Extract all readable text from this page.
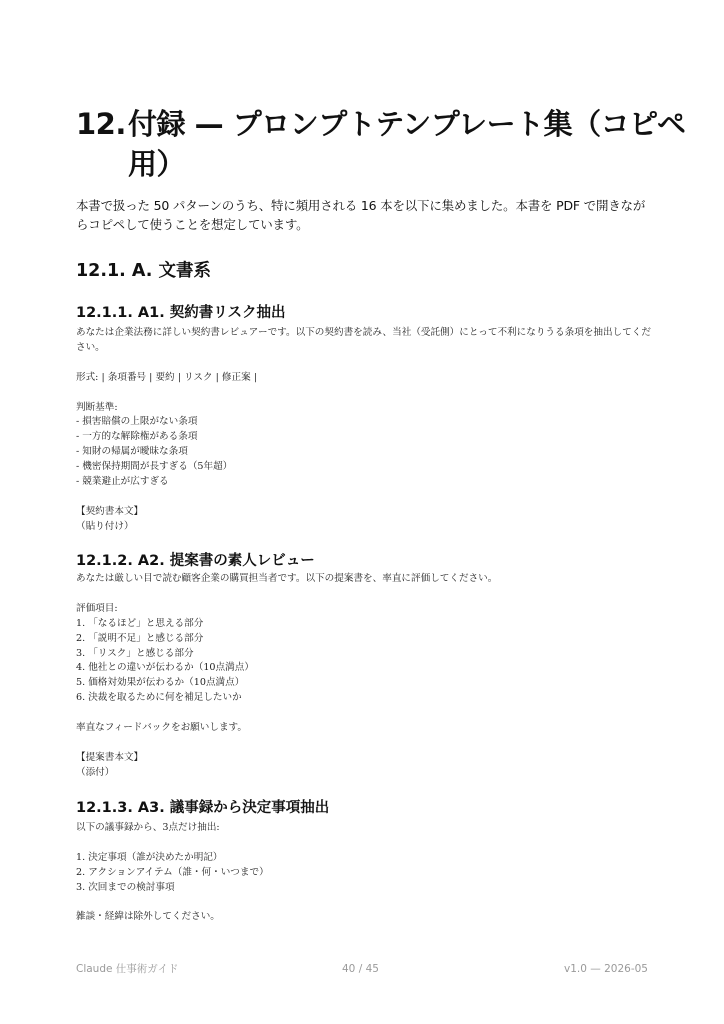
12.付録 — プロンプトテンプレート集（コピペ
用）
本書で扱った 50 パターンのうち、特に頻用される 16 本を以下に集めました。本書を PDF で開きながらコピペして使うことを想定しています。
12.1. A. 文書系
12.1.1. A1. 契約書リスク抽出
あなたは企業法務に詳しい契約書レビュアーです。以下の契約書を読み、当社（受託側）にとって不利になりうる条項を抽出してください。
形式: | 条項番号 | 要約 | リスク | 修正案 |
判断基準:
- 損害賠償の上限がない条項
- 一方的な解除権がある条項
- 知財の帰属が曖昧な条項
- 機密保持期間が長すぎる（5年超）
- 競業避止が広すぎる
【契約書本文】
（貼り付け）
12.1.2. A2. 提案書の素人レビュー
あなたは厳しい目で読む顧客企業の購買担当者です。以下の提案書を、率直に評価してください。
評価項目:
1. 「なるほど」と思える部分
2. 「説明不足」と感じる部分
3. 「リスク」と感じる部分
4. 他社との違いが伝わるか（10点満点）
5. 価格対効果が伝わるか（10点満点）
6. 決裁を取るために何を補足したいか
率直なフィードバックをお願いします。
【提案書本文】
（添付）
12.1.3. A3. 議事録から決定事項抽出
以下の議事録から、3点だけ抽出:
1. 決定事項（誰が決めたか明記）
2. アクションアイテム（誰・何・いつまで）
3. 次回までの検討事項
雑談・経緯は除外してください。
Claude 仕事術ガイド	40 / 45	v1.0 — 2026-05
